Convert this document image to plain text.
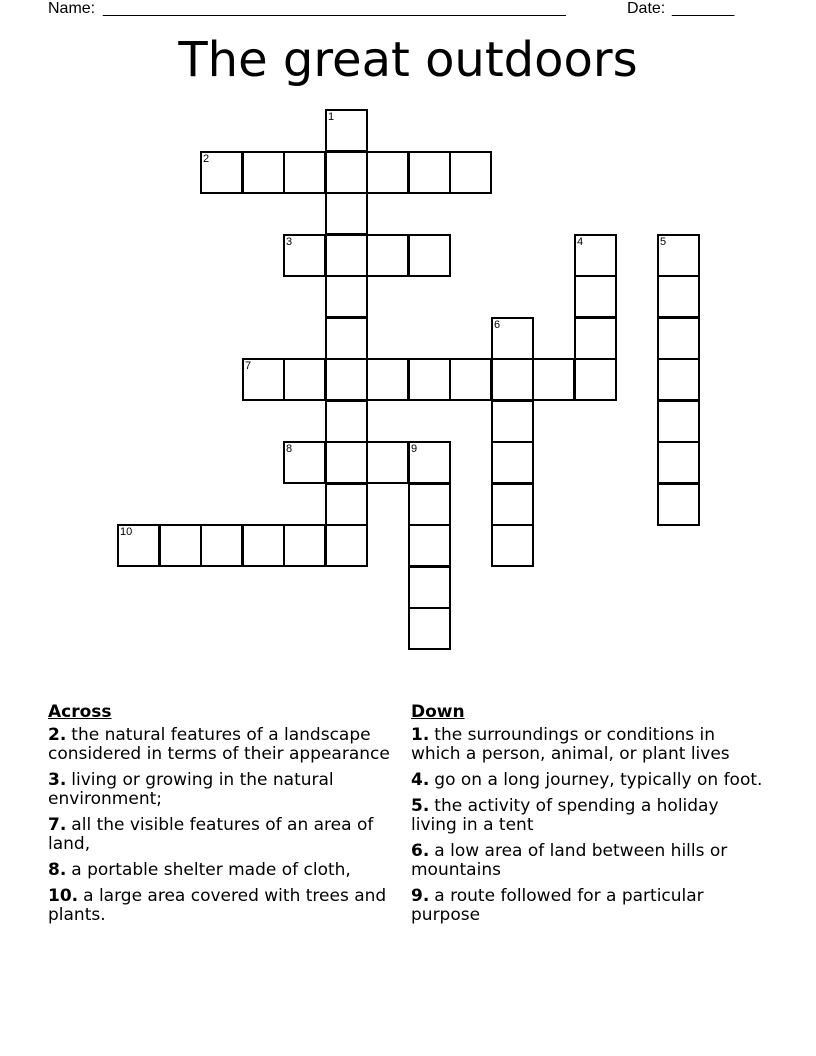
Name: ____________________________________________________	Date: _______
The great outdoors
1
2
3	4	5
6
7
8	9
10
Across
2. the natural features of a landscape considered in terms of their appearance
3. living or growing in the natural environment;
7. all the visible features of an area of land,
8. a portable shelter made of cloth,
10. a large area covered with trees and plants.
Down
1. the surroundings or conditions in which a person, animal, or plant lives
4. go on a long journey, typically on foot.
5. the activity of spending a holiday living in a tent
6. a low area of land between hills or mountains
9. a route followed for a particular purpose
